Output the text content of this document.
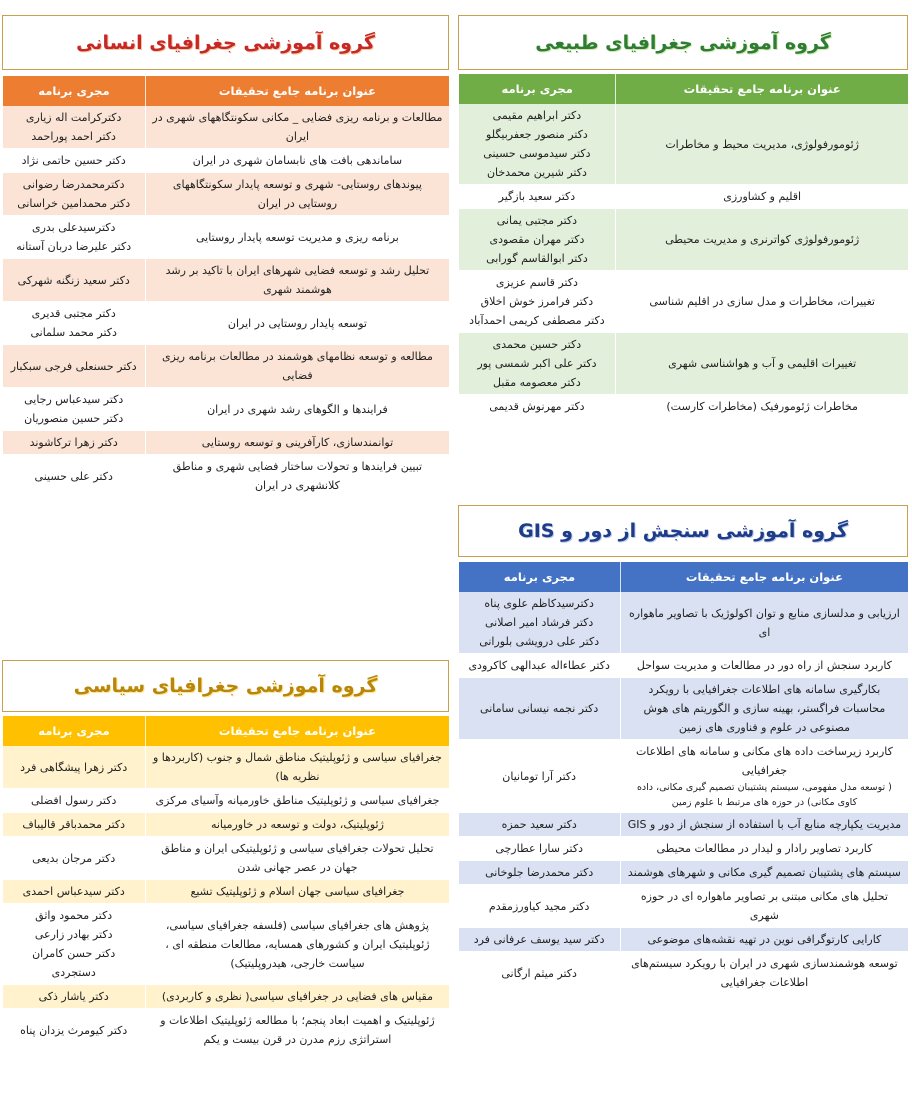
گروه آموزشی جغرافیای طبیعی
عنوان برنامه جامع تحقیقات	مجری برنامه

ژئومورفولوژی، مدیریت محیط و مخاطرات	دکتر ابراهیم مقیمی
دکتر منصور جعفربیگلو
دکتر سیدموسی حسینی
دکتر شیرین محمدخان

اقلیم و کشاورزی	دکتر سعید بازگیر

ژئومورفولوژی کواترنری و مدیریت محیطی	دکتر مجتبی یمانی
دکتر مهران مقصودی
دکتر ابوالقاسم گورابی

تغییرات، مخاطرات و مدل سازی در اقلیم شناسی	دکتر قاسم عزیزی
دکتر فرامرز خوش اخلاق
دکتر مصطفی کریمی احمدآباد

تغییرات اقلیمی و آب و هواشناسی شهری	دکتر حسین محمدی
دکتر علی اکبر شمسی پور
دکتر معصومه مقبل

مخاطرات ژئومورفیک (مخاطرات کارست)	دکتر مهرنوش قدیمی
گروه آموزشی جغرافیای انسانی
عنوان برنامه جامع تحقیقات	مجری برنامه

مطالعات و برنامه ریزی فضایی _ مکانی سکونتگاههای شهری در ایران	دکترکرامت اله زیاری
دکتر احمد پوراحمد

ساماندهی بافت های نابسامان شهری در ایران	دکتر حسین حاتمی نژاد

پیوندهای روستایی- شهری و توسعه پایدار سکونتگاههای روستایی در ایران	دکترمحمدرضا رضوانی
دکتر محمدامین خراسانی

برنامه ریزی و مدیریت توسعه پایدار روستایی	دکترسیدعلی بدری
دکتر علیرضا دربان آستانه

تحلیل رشد و توسعه فضایی شهرهای ایران با تاکید بر رشد هوشمند شهری	دکتر سعید زنگنه شهرکی

توسعه پایدار روستایی در ایران	دکتر مجتبی قدیری
دکتر محمد سلمانی

مطالعه و توسعه نظامهای هوشمند در مطالعات برنامه ریزی فضایی	دکتر حسنعلی فرجی سبکبار

فرایندها و الگوهای رشد شهری در ایران	دکتر سیدعباس رجایی
دکتر حسین منصوریان

توانمندسازی، کارآفرینی و توسعه روستایی	دکتر زهرا ترکاشوند

تبیین فرایندها و تحولات ساختار فضایی شهری و مناطق کلانشهری در ایران	دکتر علی حسینی
گروه آموزشی جغرافیای سیاسی
عنوان برنامه جامع تحقیقات	مجری برنامه

جغرافیای سیاسی و ژئوپلیتیک مناطق شمال و جنوب (کاربردها و نظریه ها)	دکتر زهرا پیشگاهی فرد

جغرافیای سیاسی و ژئوپلیتیک مناطق خاورمیانه وآسیای مرکزی	دکتر رسول افضلی

ژئوپلیتیک، دولت و توسعه در خاورمیانه	دکتر محمدباقر قالیباف

تحلیل تحولات جغرافیای سیاسی و ژئوپلیتیکی ایران و مناطق جهان در عصر جهانی شدن	دکتر مرجان بدیعی

جغرافیای سیاسی جهان اسلام و ژئوپلیتیک تشیع	دکتر سیدعباس احمدی

پژوهش های جغرافیای سیاسی (فلسفه جغرافیای سیاسی، ژئوپلیتیک ایران و کشورهای همسایه، مطالعات منطقه ای ، سیاست خارجی، هیدروپلیتیک)	دکتر محمود واثق
دکتر بهادر زارعی
دکتر حسن کامران دستجردی

مقیاس های فضایی در جغرافیای سیاسی( نظری و کاربردی)	دکتر یاشار ذکی

ژئوپلیتیک و اهمیت ابعاد پنجم؛ با مطالعه ژئوپلیتیک اطلاعات و استراتژی رزم مدرن در قرن بیست و یکم	دکتر کیومرث یزدان پناه
گروه آموزشی سنجش از دور و GIS
عنوان برنامه جامع تحقیقات	مجری برنامه

ارزیابی و مدلسازی منابع و توان اکولوژیک با تصاویر ماهواره ای	دکترسیدکاظم علوی پناه
دکتر فرشاد امیر اصلانی
دکتر علی درویشی بلورانی

کاربرد سنجش از راه دور در مطالعات و مدیریت سواحل	دکتر عطاءاله عبدالهی کاکرودی

بکارگیری سامانه های اطلاعات جغرافیایی با رویکرد محاسبات فراگستر، بهینه سازی و الگوریتم های هوش مصنوعی در علوم و فناوری های زمین	دکتر نجمه نیسانی سامانی

کاربرد زیرساخت داده های مکانی و سامانه های اطلاعات جغرافیایی
( توسعه مدل مفهومی، سیستم پشتیبان تصمیم گیری مکانی، داده کاوی مکانی) در حوزه های مرتبط با علوم زمین	دکتر آرا تومانیان

مدیریت یکپارچه منابع آب با استفاده از سنجش از دور و GIS	دکتر سعید حمزه

کاربرد تصاویر رادار و لیدار در مطالعات محیطی	دکتر سارا عطارچی

سیستم های پشتیبان تصمیم گیری مکانی و شهرهای هوشمند	دکتر محمدرضا جلوخانی

تحلیل های مکانی مبتنی بر تصاویر ماهواره ای در حوزه شهری	دکتر مجید کیاورزمقدم

کارایی کارتوگرافی نوین در تهیه نقشه‌های موضوعی	دکتر سید یوسف عرفانی فرد

توسعه هوشمندسازی شهری در ایران با رویکرد سیستم‌های اطلاعات جغرافیایی	دکتر میثم ارگانی
